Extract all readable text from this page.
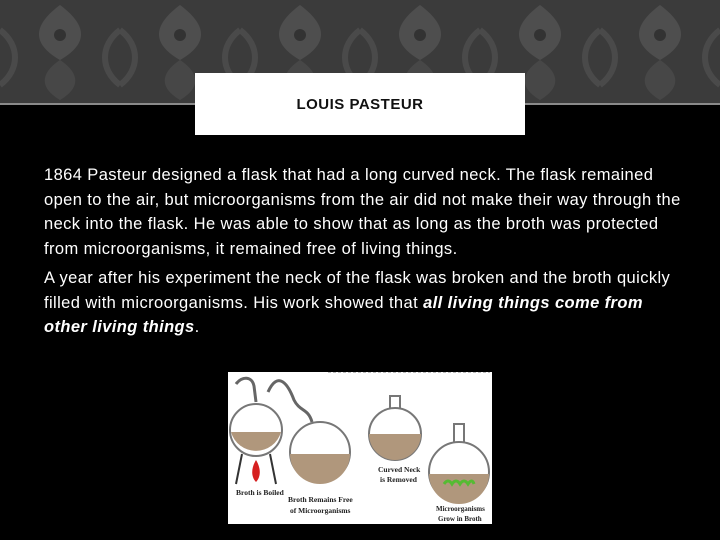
LOUIS PASTEUR

1864 Pasteur designed a flask that had a long curved neck. The flask remained open to the air, but microorganisms from the air did not make their way through the neck into the flask. He was able to show that as long as the broth was protected from microorganisms, it remained free of living things.

A year after his experiment the neck of the flask was broken and the broth quickly filled with microorganisms. His work showed that all living things come from other living things.

Broth is Boiled
Broth Remains Free
of Microorganisms
Curved Neck
is Removed
Microorganisms
Grow in Broth
